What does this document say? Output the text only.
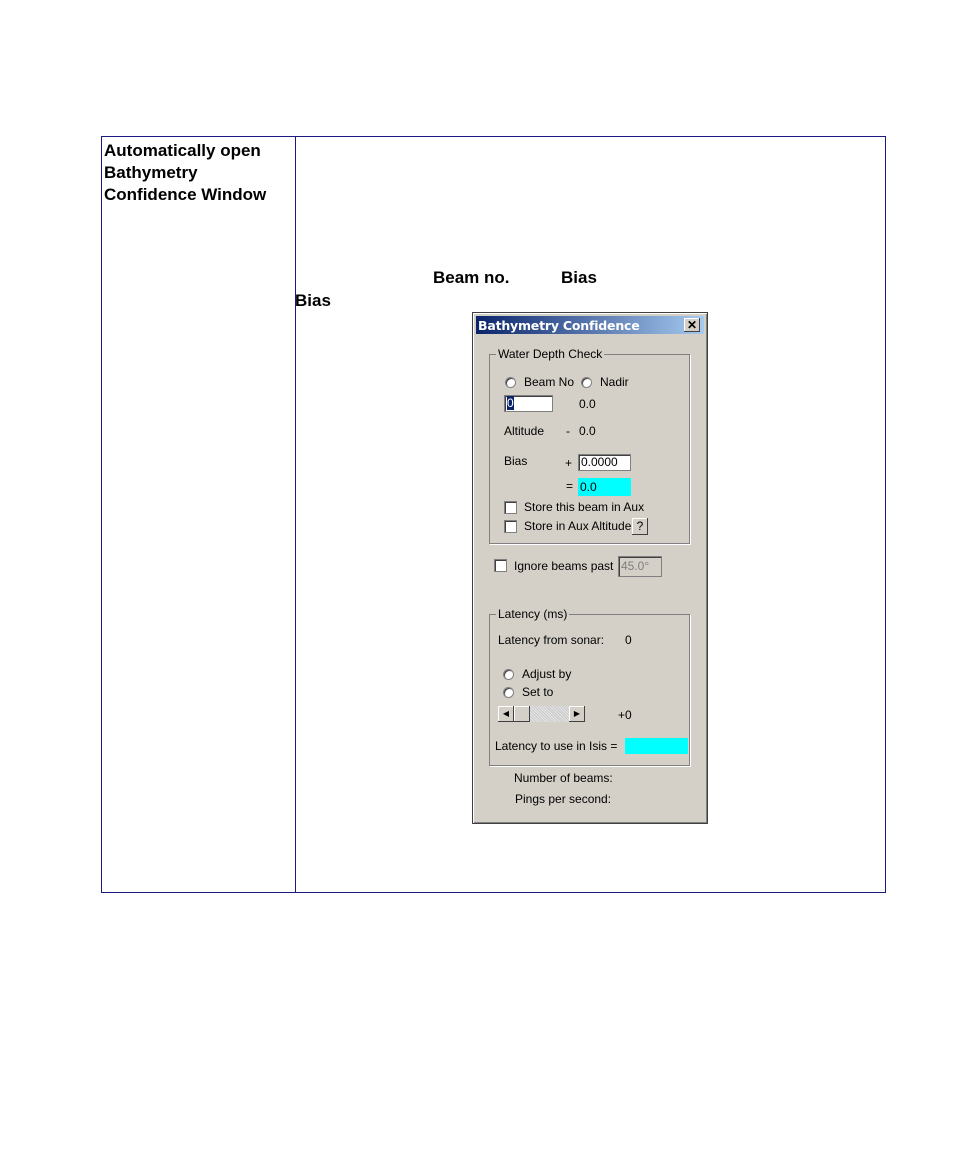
Automatically open
Bathymetry
Confidence Window
Beam no.	Bias
Bias
Bathymetry Confidence	✕
Water Depth Check
Beam No Nadir
0	0.0
Altitude - 0.0
Bias	+ 0.0000
= 0.0
Store this beam in Aux
Store in Aux Altitude ?
Ignore beams past 45.0°
Latency (ms)
Latency from sonar: 0
Adjust by
Set to
◀	▶	+0
Latency to use in Isis =
Number of beams:
Pings per second:
